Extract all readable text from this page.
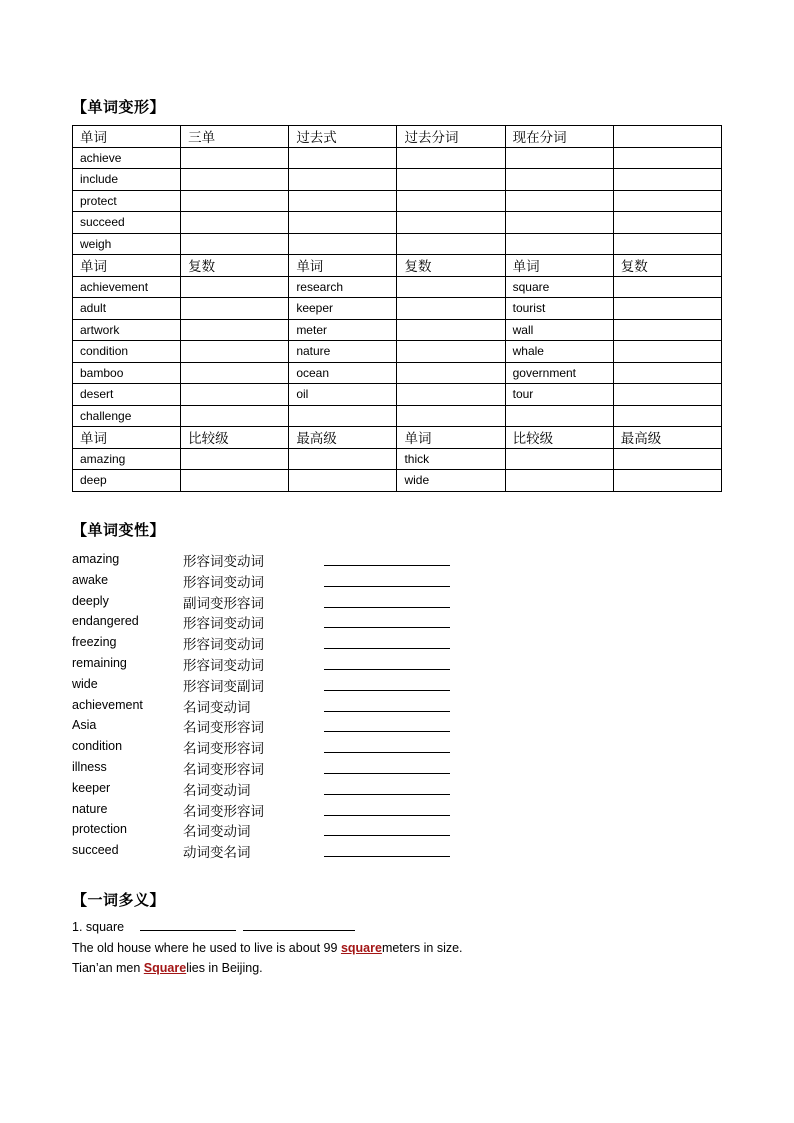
【单词变形】
单词	三单	过去式	过去分词	现在分词	
achieve					
include					
protect					
succeed					
weigh					
单词	复数	单词	复数	单词	复数
achievement		research		square	
adult		keeper		tourist	
artwork		meter		wall	
condition		nature		whale	
bamboo		ocean		government	
desert		oil		tour	
challenge					
单词	比较级	最高级	单词	比较级	最高级
amazing			thick		
deep			wide		
【单词变性】
amazing	形容词变动词
awake	形容词变动词
deeply	副词变形容词
endangered	形容词变动词
freezing	形容词变动词
remaining	形容词变动词
wide	形容词变副词
achievement	名词变动词
Asia	名词变形容词
condition	名词变形容词
illness	名词变形容词
keeper	名词变动词
nature	名词变形容词
protection	名词变动词
succeed	动词变名词
【一词多义】
1. square
The old house where he used to live is about 99 squaremeters in size.
Tian’an men Squarelies in Beijing.
